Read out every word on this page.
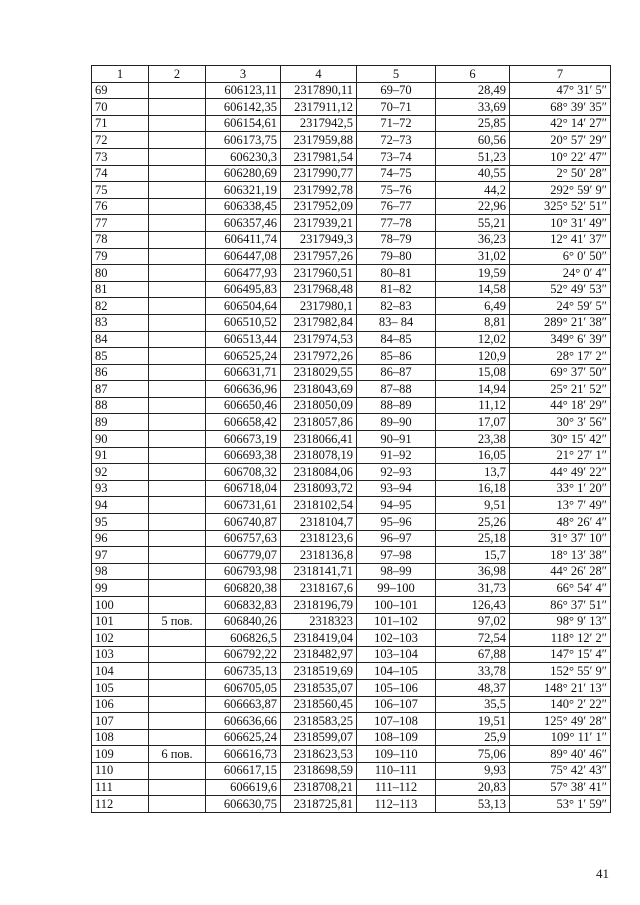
1	2	3	4	5	6	7
69		606123,11	2317890,11	69–70	28,49	47° 31′ 5″
70		606142,35	2317911,12	70–71	33,69	68° 39′ 35″
71		606154,61	2317942,5	71–72	25,85	42° 14′ 27″
72		606173,75	2317959,88	72–73	60,56	20° 57′ 29″
73		606230,3	2317981,54	73–74	51,23	10° 22′ 47″
74		606280,69	2317990,77	74–75	40,55	2° 50′ 28″
75		606321,19	2317992,78	75–76	44,2	292° 59′ 9″
76		606338,45	2317952,09	76–77	22,96	325° 52′ 51″
77		606357,46	2317939,21	77–78	55,21	10° 31′ 49″
78		606411,74	2317949,3	78–79	36,23	12° 41′ 37″
79		606447,08	2317957,26	79–80	31,02	6° 0′ 50″
80		606477,93	2317960,51	80–81	19,59	24° 0′ 4″
81		606495,83	2317968,48	81–82	14,58	52° 49′ 53″
82		606504,64	2317980,1	82–83	6,49	24° 59′ 5″
83		606510,52	2317982,84	83– 84	8,81	289° 21′ 38″
84		606513,44	2317974,53	84–85	12,02	349° 6′ 39″
85		606525,24	2317972,26	85–86	120,9	28° 17′ 2″
86		606631,71	2318029,55	86–87	15,08	69° 37′ 50″
87		606636,96	2318043,69	87–88	14,94	25° 21′ 52″
88		606650,46	2318050,09	88–89	11,12	44° 18′ 29″
89		606658,42	2318057,86	89–90	17,07	30° 3′ 56″
90		606673,19	2318066,41	90–91	23,38	30° 15′ 42″
91		606693,38	2318078,19	91–92	16,05	21° 27′ 1″
92		606708,32	2318084,06	92–93	13,7	44° 49′ 22″
93		606718,04	2318093,72	93–94	16,18	33° 1′ 20″
94		606731,61	2318102,54	94–95	9,51	13° 7′ 49″
95		606740,87	2318104,7	95–96	25,26	48° 26′ 4″
96		606757,63	2318123,6	96–97	25,18	31° 37′ 10″
97		606779,07	2318136,8	97–98	15,7	18° 13′ 38″
98		606793,98	2318141,71	98–99	36,98	44° 26′ 28″
99		606820,38	2318167,6	99–100	31,73	66° 54′ 4″
100		606832,83	2318196,79	100–101	126,43	86° 37′ 51″
101	5 пов.	606840,26	2318323	101–102	97,02	98° 9′ 13″
102		606826,5	2318419,04	102–103	72,54	118° 12′ 2″
103		606792,22	2318482,97	103–104	67,88	147° 15′ 4″
104		606735,13	2318519,69	104–105	33,78	152° 55′ 9″
105		606705,05	2318535,07	105–106	48,37	148° 21′ 13″
106		606663,87	2318560,45	106–107	35,5	140° 2′ 22″
107		606636,66	2318583,25	107–108	19,51	125° 49′ 28″
108		606625,24	2318599,07	108–109	25,9	109° 11′ 1″
109	6 пов.	606616,73	2318623,53	109–110	75,06	89° 40′ 46″
110		606617,15	2318698,59	110–111	9,93	75° 42′ 43″
111		606619,6	2318708,21	111–112	20,83	57° 38′ 41″
112		606630,75	2318725,81	112–113	53,13	53° 1′ 59″
41
